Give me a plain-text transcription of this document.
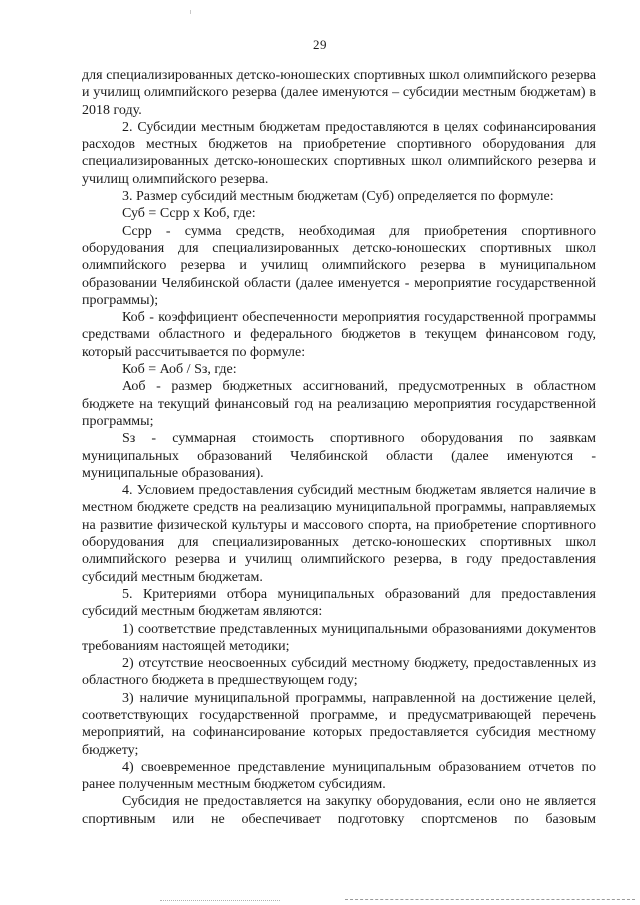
29

для специализированных детско-юношеских спортивных школ олимпийского резерва и училищ олимпийского резерва (далее именуются – субсидии местным бюджетам) в 2018 году.

2. Субсидии местным бюджетам предоставляются в целях софинансирования расходов местных бюджетов на приобретение спортивного оборудования для специализированных детско-юношеских спортивных школ олимпийского резерва и училищ олимпийского резерва.

3. Размер субсидий местным бюджетам (Суб) определяется по формуле:

Суб = Ссрр х Коб, где:

Ссрр - сумма средств, необходимая для приобретения спортивного оборудования для специализированных детско-юношеских спортивных школ олимпийского резерва и училищ олимпийского резерва в муниципальном образовании Челябинской области (далее именуется - мероприятие государственной программы);

Коб - коэффициент обеспеченности мероприятия государственной программы средствами областного и федерального бюджетов в текущем финансовом году, который рассчитывается по формуле:

Коб = Аоб / Sз, где:

Аоб - размер бюджетных ассигнований, предусмотренных в областном бюджете на текущий финансовый год на реализацию мероприятия государственной программы;

Sз - суммарная стоимость спортивного оборудования по заявкам муниципальных образований Челябинской области (далее именуются - муниципальные образования).

4. Условием предоставления субсидий местным бюджетам является наличие в местном бюджете средств на реализацию муниципальной программы, направляемых на развитие физической культуры и массового спорта, на приобретение спортивного оборудования для специализированных детско-юношеских спортивных школ олимпийского резерва и училищ олимпийского резерва, в году предоставления субсидий местным бюджетам.

5. Критериями отбора муниципальных образований для предоставления субсидий местным бюджетам являются:

1) соответствие представленных муниципальными образованиями документов требованиям настоящей методики;

2) отсутствие неосвоенных субсидий местному бюджету, предоставленных из областного бюджета в предшествующем году;

3) наличие муниципальной программы, направленной на достижение целей, соответствующих государственной программе, и предусматривающей перечень мероприятий, на софинансирование которых предоставляется субсидия местному бюджету;

4) своевременное представление муниципальным образованием отчетов по ранее полученным местным бюджетом субсидиям.

Субсидия не предоставляется на закупку оборудования, если оно не является спортивным или не обеспечивает подготовку спортсменов по базовым
